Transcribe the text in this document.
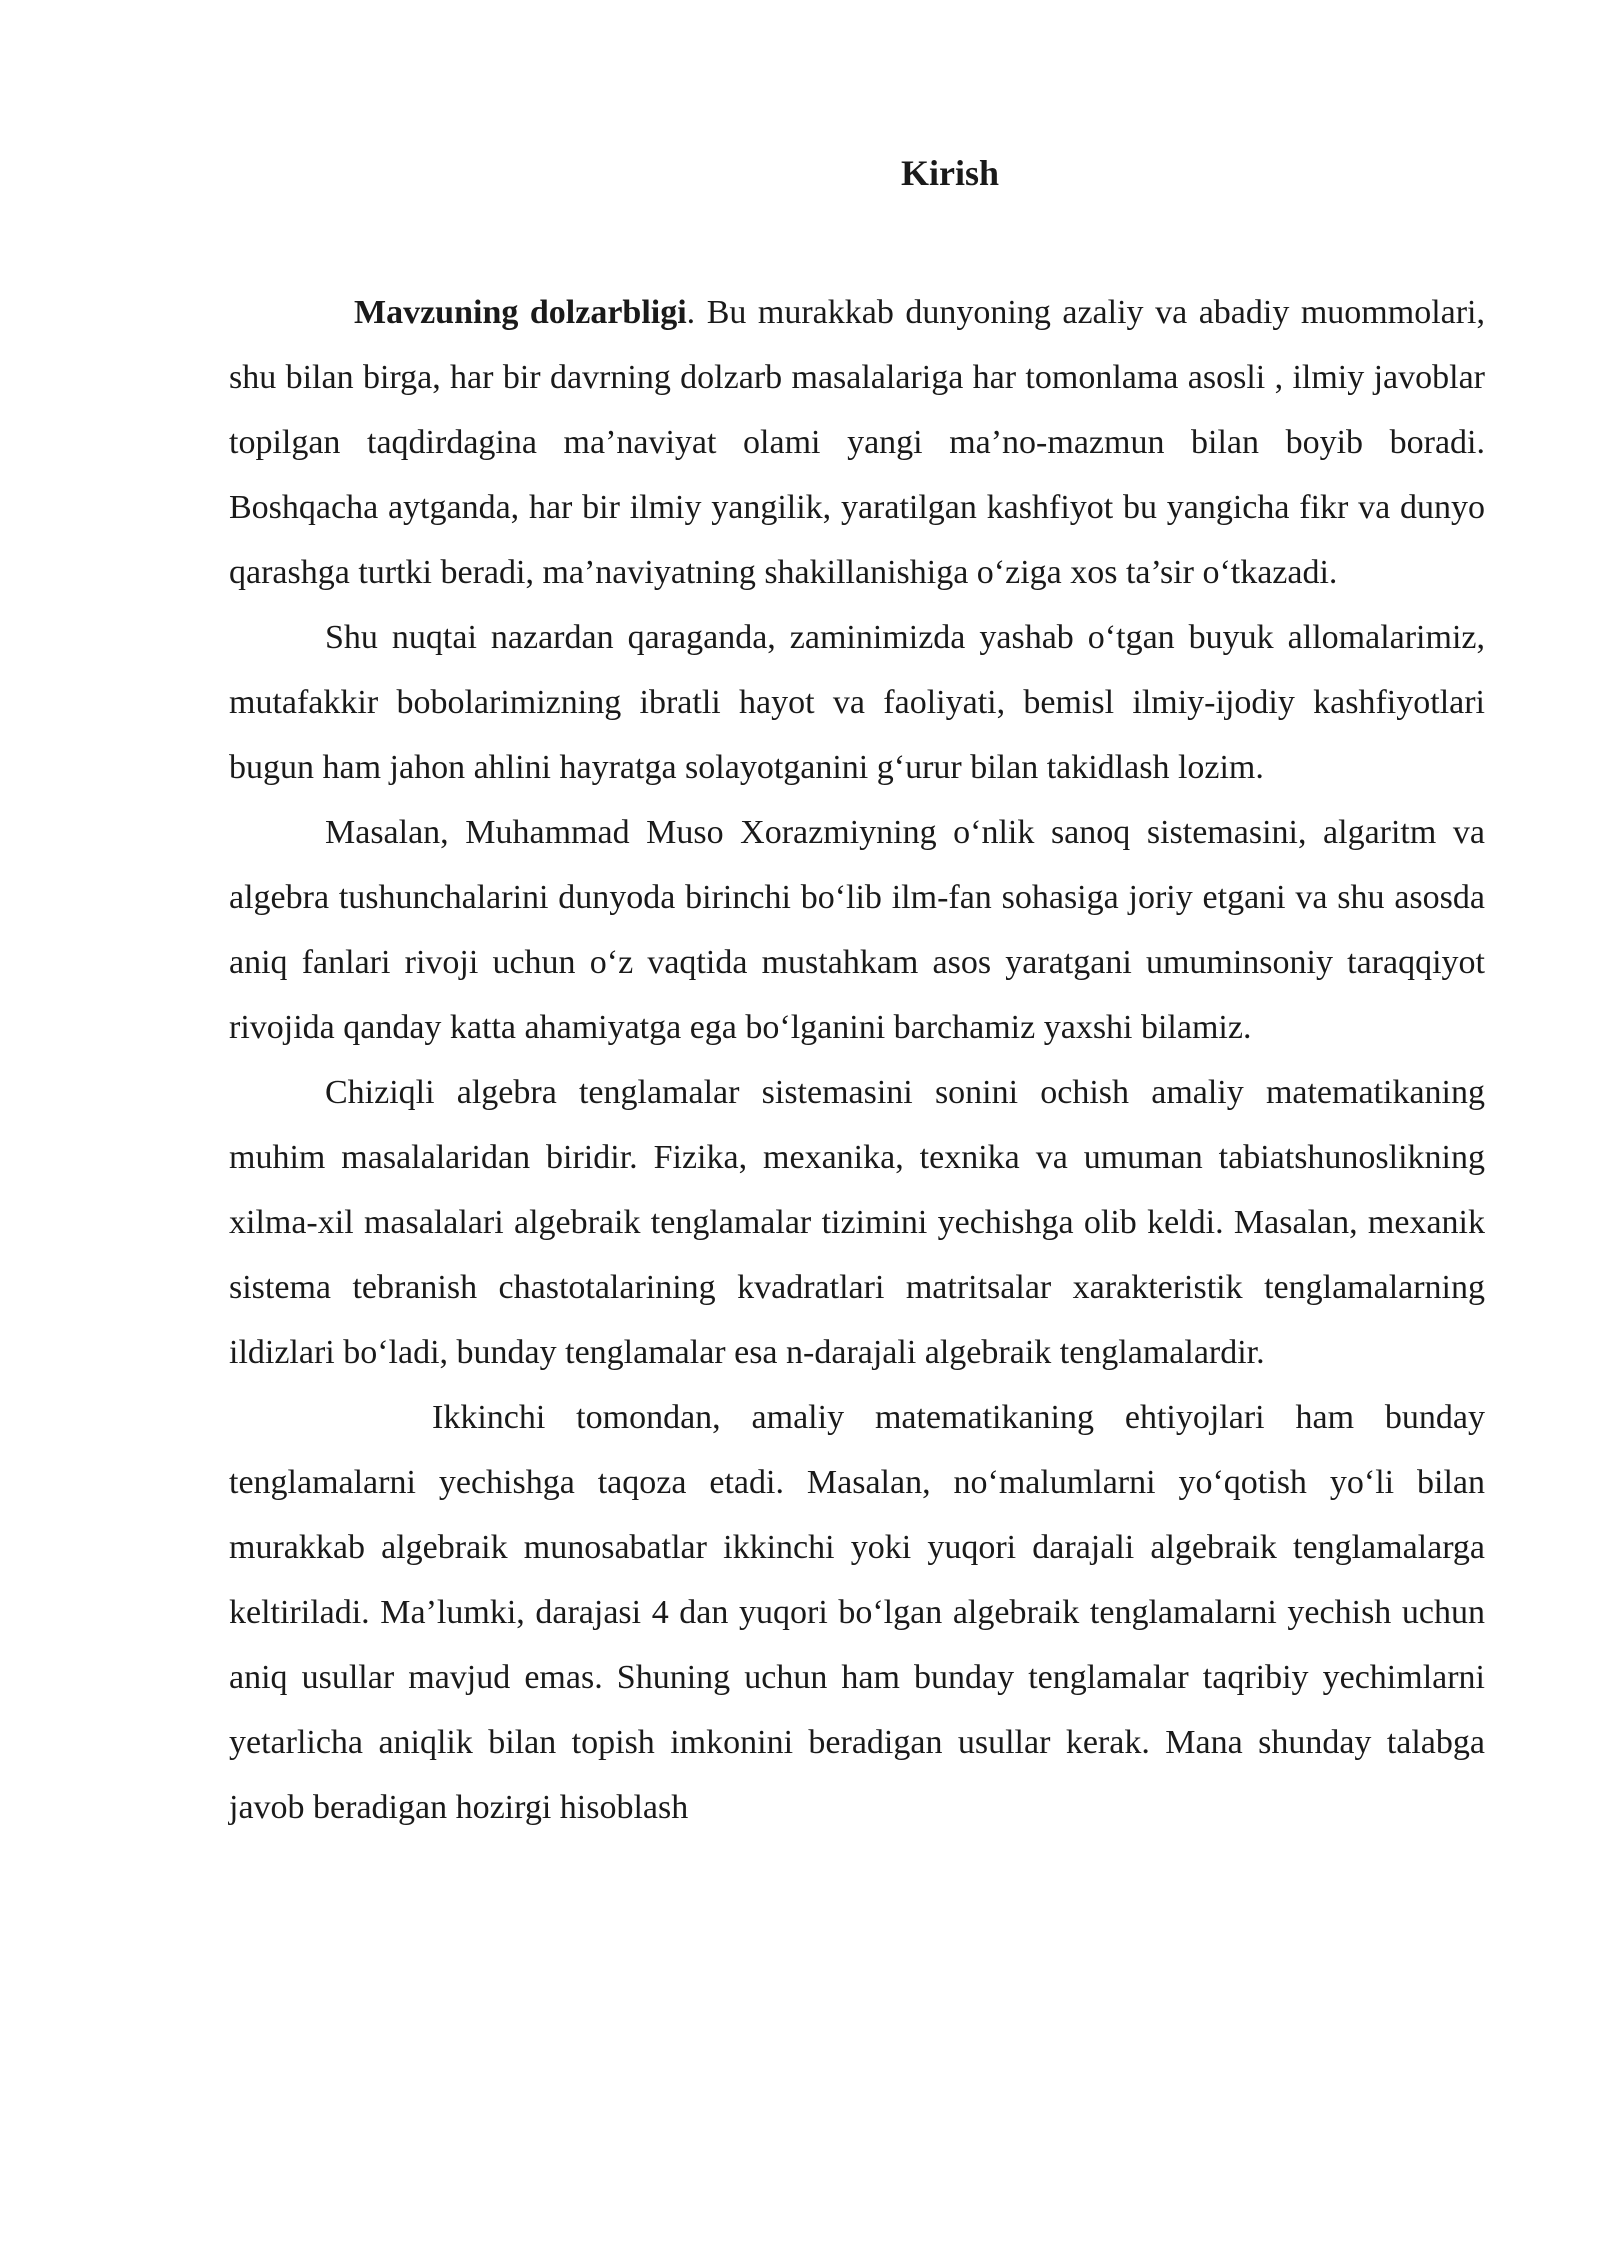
Kirish

Mavzuning dolzarbligi. Bu murakkab dunyoning azaliy va abadiy muommolari, shu bilan birga, har bir davrning dolzarb masalalariga har tomonlama asosli , ilmiy javoblar topilgan taqdirdagina ma’naviyat olami yangi ma’no-mazmun bilan boyib boradi. Boshqacha aytganda, har bir ilmiy yangilik, yaratilgan kashfiyot bu yangicha fikr va dunyo qarashga turtki beradi, ma’naviyatning shakillanishiga o‘ziga xos ta’sir o‘tkazadi.

Shu nuqtai nazardan qaraganda, zaminimizda yashab o‘tgan buyuk allomalarimiz, mutafakkir bobolarimizning ibratli hayot va faoliyati, bemisl ilmiy-ijodiy kashfiyotlari bugun ham jahon ahlini hayratga solayotganini g‘urur bilan takidlash lozim.

Masalan, Muhammad Muso Xorazmiyning o‘nlik sanoq sistemasini, algaritm va algebra tushunchalarini dunyoda birinchi bo‘lib ilm-fan sohasiga joriy etgani va shu asosda aniq fanlari rivoji uchun o‘z vaqtida mustahkam asos yaratgani umuminsoniy taraqqiyot rivojida qanday katta ahamiyatga ega bo‘lganini barchamiz yaxshi bilamiz.

Chiziqli algebra tenglamalar sistemasini sonini ochish amaliy matematikaning muhim masalalaridan biridir. Fizika, mexanika, texnika va umuman tabiatshunoslikning xilma-xil masalalari algebraik tenglamalar tizimini yechishga olib keldi. Masalan, mexanik sistema tebranish chastotalarining kvadratlari matritsalar xarakteristik tenglamalarning ildizlari bo‘ladi, bunday tenglamalar esa n-darajali algebraik tenglamalardir.

Ikkinchi tomondan, amaliy matematikaning ehtiyojlari ham bunday tenglamalarni yechishga taqoza etadi. Masalan, no‘malumlarni yo‘qotish yo‘li bilan murakkab algebraik munosabatlar ikkinchi yoki yuqori darajali algebraik tenglamalarga keltiriladi. Ma’lumki, darajasi 4 dan yuqori bo‘lgan algebraik tenglamalarni yechish uchun aniq usullar mavjud emas. Shuning uchun ham bunday tenglamalar taqribiy yechimlarni yetarlicha aniqlik bilan topish imkonini beradigan usullar kerak. Mana shunday talabga javob beradigan hozirgi hisoblash
